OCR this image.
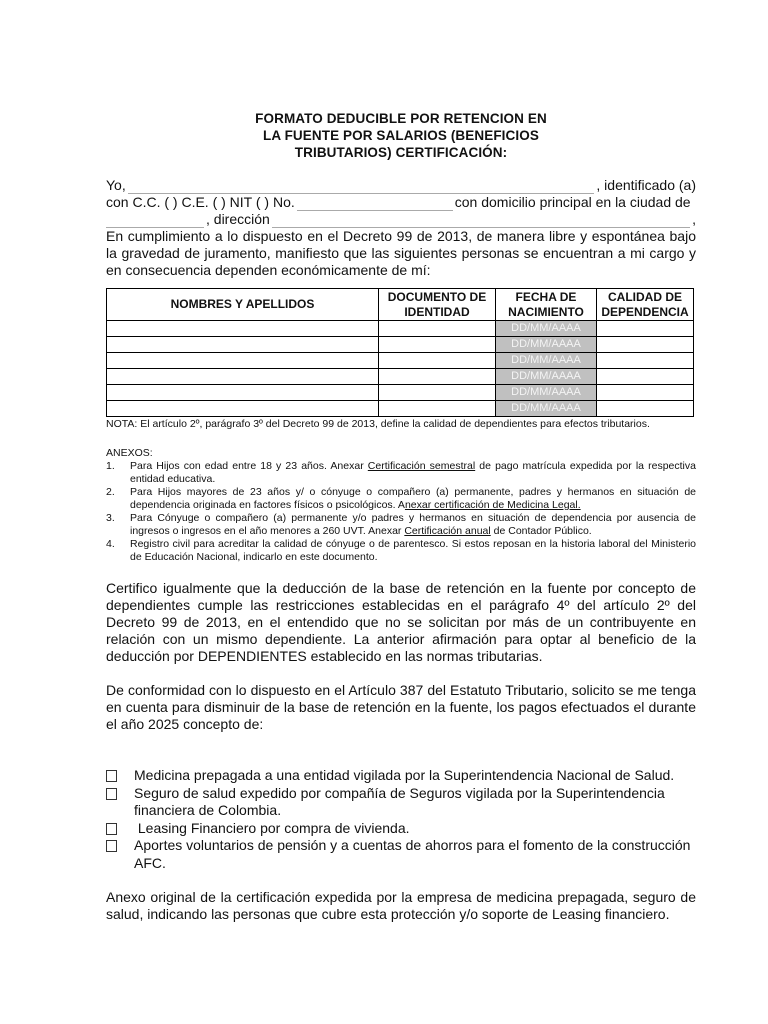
FORMATO DEDUCIBLE POR RETENCION EN

LA FUENTE POR SALARIOS (BENEFICIOS

TRIBUTARIOS) CERTIFICACIÓN:

Yo,	, identificado (a)
con C.C. ( ) C.E. ( ) NIT ( ) No.	con domicilio principal en la ciudad de
, dirección	,
En cumplimiento a lo dispuesto en el Decreto 99 de 2013, de manera libre y espontánea bajo la gravedad de juramento, manifiesto que las siguientes personas se encuentran a mi cargo y en consecuencia dependen económicamente de mí:
NOMBRES Y APELLIDOS	DOCUMENTO DE IDENTIDAD	FECHA DE NACIMIENTO	CALIDAD DE DEPENDENCIA
		DD/MM/AAAA	
		DD/MM/AAAA	
		DD/MM/AAAA	
		DD/MM/AAAA	
		DD/MM/AAAA	
		DD/MM/AAAA	
NOTA: El artículo 2º, parágrafo 3º del Decreto 99 de 2013, define la calidad de dependientes para efectos tributarios.
ANEXOS:
1.	Para Hijos con edad entre 18 y 23 años. Anexar Certificación semestral de pago matrícula expedida por la respectiva entidad educativa.
2.	Para Hijos mayores de 23 años y/ o cónyuge o compañero (a) permanente, padres y hermanos en situación de dependencia originada en factores físicos o psicológicos. Anexar certificación de Medicina Legal.
3.	Para Cónyuge o compañero (a) permanente y/o padres y hermanos en situación de dependencia por ausencia de ingresos o ingresos en el año menores a 260 UVT. Anexar Certificación anual de Contador Público.
4.	Registro civil para acreditar la calidad de cónyuge o de parentesco. Si estos reposan en la historia laboral del Ministerio de Educación Nacional, indicarlo en este documento.
Certifico igualmente que la deducción de la base de retención en la fuente por concepto de dependientes cumple las restricciones establecidas en el parágrafo 4º del artículo 2º del Decreto 99 de 2013, en el entendido que no se solicitan por más de un contribuyente en relación con un mismo dependiente. La anterior afirmación para optar al beneficio de la deducción por DEPENDIENTES establecido en las normas tributarias.
De conformidad con lo dispuesto en el Artículo 387 del Estatuto Tributario, solicito se me tenga en cuenta para disminuir de la base de retención en la fuente, los pagos efectuados el durante el año 2025 concepto de:
Medicina prepagada a una entidad vigilada por la Superintendencia Nacional de Salud.
Seguro de salud expedido por compañía de Seguros vigilada por la Superintendencia financiera de Colombia.
Leasing Financiero por compra de vivienda.
Aportes voluntarios de pensión y a cuentas de ahorros para el fomento de la construcción AFC.
Anexo original de la certificación expedida por la empresa de medicina prepagada, seguro de salud, indicando las personas que cubre esta protección y/o soporte de Leasing financiero.
